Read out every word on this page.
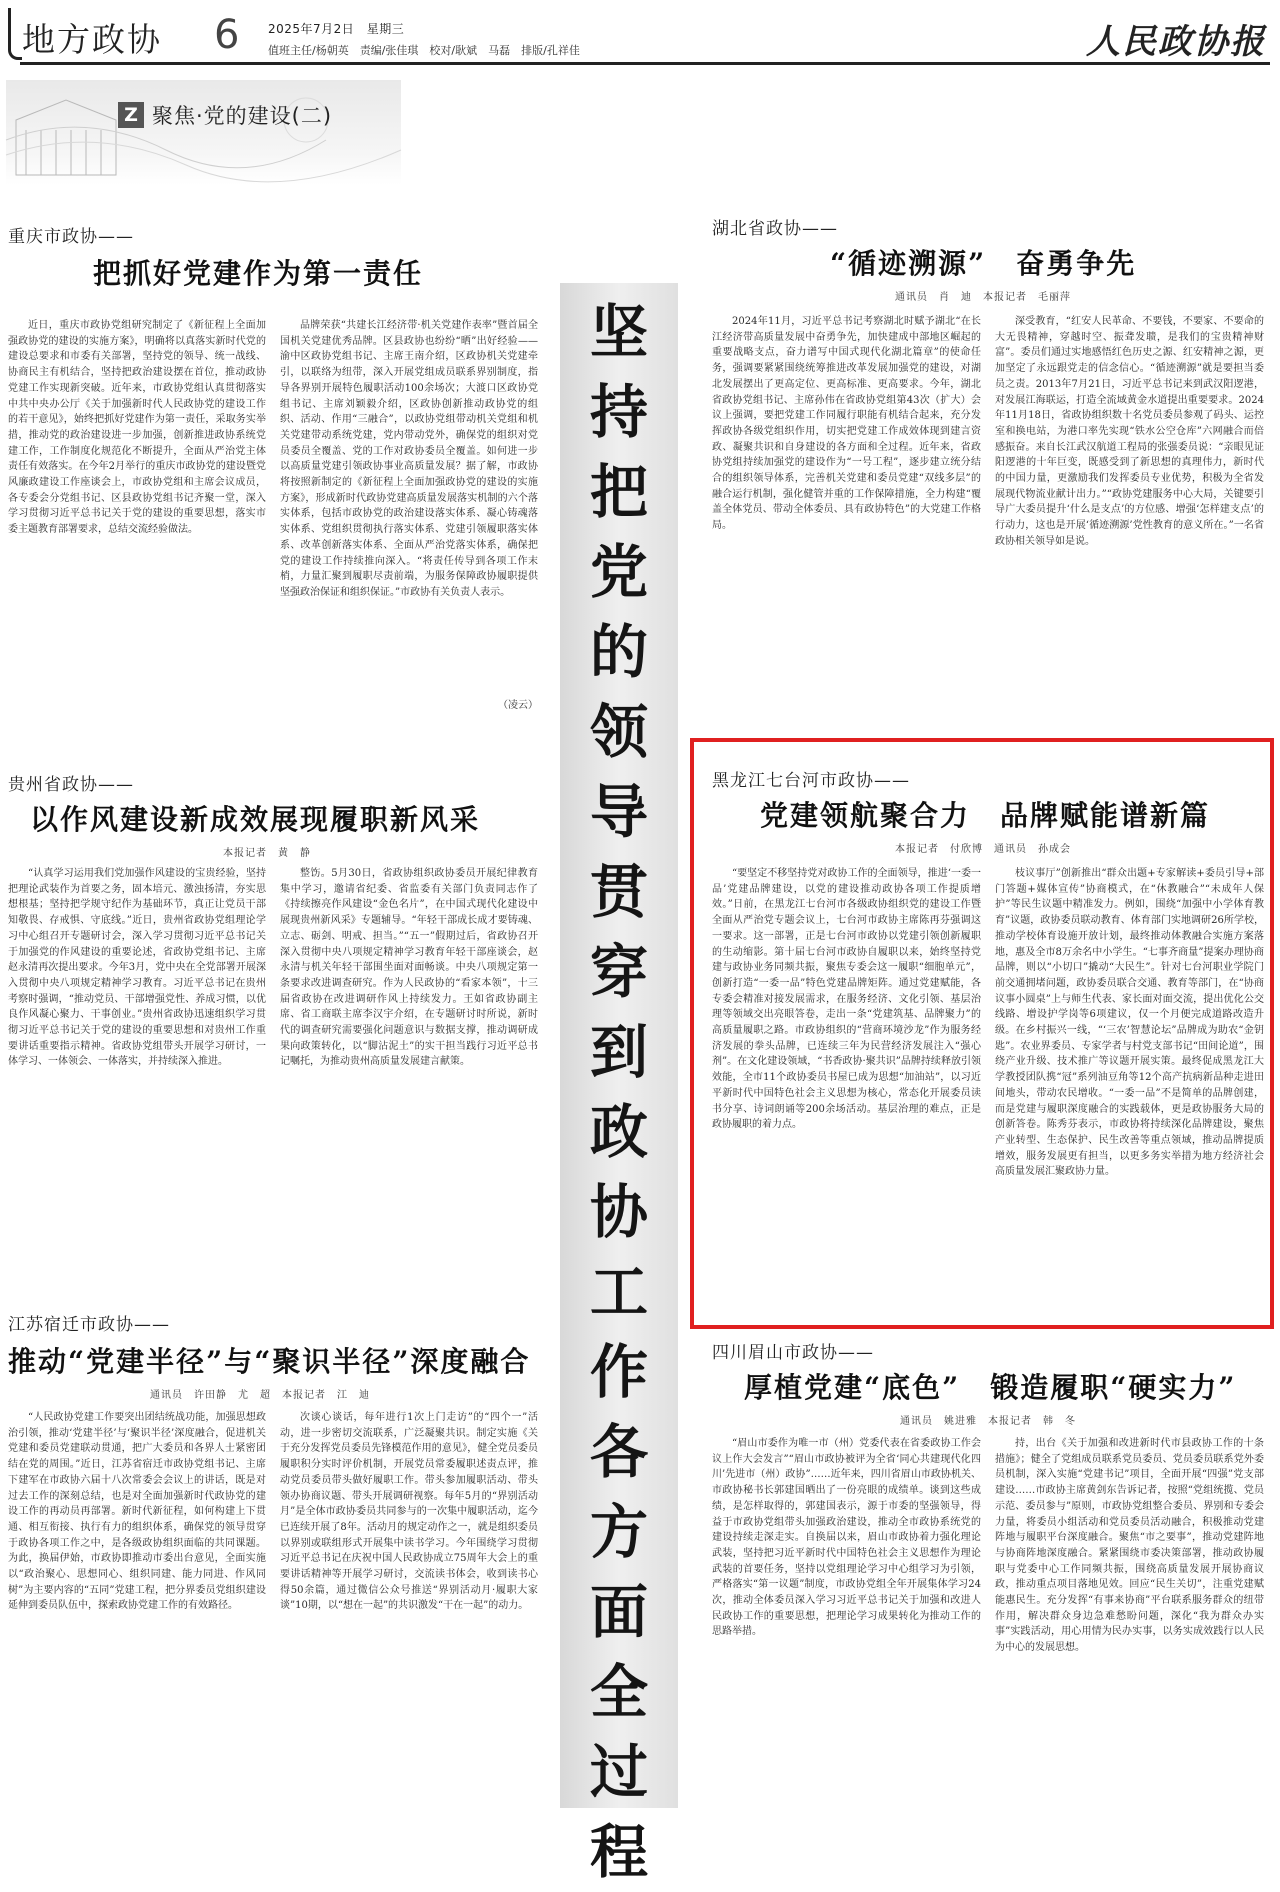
地方政协 6 2025年7月2日　星期三
值班主任/杨朝英　责编/张佳琪　校对/耿斌　马磊　排版/孔祥佳	人民政协报
Z 聚焦·党的建设(二)
坚
持
把
党
的
领
导
贯
穿
到
政
协
工
作
各
方
面
全
过
程
重庆市政协——
把抓好党建作为第一责任

近日，重庆市政协党组研究制定了《新征程上全面加强政协党的建设的实施方案》，明确将以真落实新时代党的建设总要求和市委有关部署，坚持党的领导、统一战线、协商民主有机结合，坚持把政治建设摆在首位，推动政协党建工作实现新突破。近年来，市政协党组认真贯彻落实中共中央办公厅《关于加强新时代人民政协党的建设工作的若干意见》，始终把抓好党建作为第一责任，采取务实举措，推动党的政治建设进一步加强，创新推进政协系统党建工作，工作制度化规范化不断提升，全面从严治党主体责任有效落实。在今年2月举行的重庆市政协党的建设暨党风廉政建设工作座谈会上，市政协党组和主席会议成员，各专委会分党组书记、区县政协党组书记齐聚一堂，深入学习贯彻习近平总书记关于党的建设的重要思想，落实市委主题教育部署要求，总结交流经验做法。

品牌荣获“共建长江经济带·机关党建作表率”暨首届全国机关党建优秀品牌。区县政协也纷纷“晒”出好经验——渝中区政协党组书记、主席王南介绍，区政协机关党建牵引，以联络为纽带，深入开展党组成员联系界别制度，指导各界别开展特色履职活动100余场次；大渡口区政协党组书记、主席刘颖毅介绍，区政协创新推动政协党的组织、活动、作用“三融合”，以政协党组带动机关党组和机关党建带动系统党建，党内带动党外，确保党的组织对党员委员全覆盖、党的工作对政协委员全覆盖。如何进一步以高质量党建引领政协事业高质量发展？据了解，市政协将按照新制定的《新征程上全面加强政协党的建设的实施方案》，形成新时代政协党建高质量发展落实机制的六个落实体系，包括市政协党的政治建设落实体系、凝心铸魂落实体系、党组织贯彻执行落实体系、党建引领履职落实体系、改革创新落实体系、全面从严治党落实体系，确保把党的建设工作持续推向深入。“将责任传导到各项工作末梢，力量汇聚到履职尽责前端，为服务保障政协履职提供坚强政治保证和组织保证。”市政协有关负责人表示。

（凌云）
贵州省政协——
以作风建设新成效展现履职新风采
本报记者　黄　静

“认真学习运用我们党加强作风建设的宝贵经验，坚持把理论武装作为首要之务，固本培元、激浊扬清，夯实思想根基；坚持把学规守纪作为基础环节，真正让党员干部知敬畏、存戒惧、守底线。”近日，贵州省政协党组理论学习中心组召开专题研讨会，深入学习贯彻习近平总书记关于加强党的作风建设的重要论述，省政协党组书记、主席赵永清再次提出要求。今年3月，党中央在全党部署开展深入贯彻中央八项规定精神学习教育。习近平总书记在贵州考察时强调，“推动党员、干部增强党性、养成习惯，以优良作风凝心聚力、干事创业。”贵州省政协迅速组织学习贯彻习近平总书记关于党的建设的重要思想和对贵州工作重要讲话重要指示精神。省政协党组带头开展学习研讨，一体学习、一体领会、一体落实，并持续深入推进。

整饬。5月30日，省政协组织政协委员开展纪律教育集中学习，邀请省纪委、省监委有关部门负责同志作了《持续擦亮作风建设“金色名片”，在中国式现代化建设中展现贵州新风采》专题辅导。“年轻干部成长成才要铸魂、立志、砺剑、明戒、担当。”“五一”假期过后，省政协召开深入贯彻中央八项规定精神学习教育年轻干部座谈会，赵永清与机关年轻干部围坐面对面畅谈。中央八项规定第一条要求改进调查研究。作为人民政协的“看家本领”，十三届省政协在改进调研作风上持续发力。王如省政协副主席、省工商联主席李汉宇介绍，在专题研讨时所说，新时代的调查研究需要强化问题意识与数据支撑，推动调研成果向政策转化，以“脚沾泥土”的实干担当践行习近平总书记嘱托，为推动贵州高质量发展建言献策。

江苏宿迁市政协——
推动“党建半径”与“聚识半径”深度融合
通讯员　许田静　尤　超　本报记者　江　迪

“人民政协党建工作要突出团结统战功能，加强思想政治引领，推动‘党建半径’与‘聚识半径’深度融合，促进机关党建和委员党建联动贯通，把广大委员和各界人士紧密团结在党的周围。”近日，江苏省宿迁市政协党组书记、主席下建军在市政协六届十八次常委会会议上的讲话，既是对过去工作的深刻总结，也是对全面加强新时代政协党的建设工作的再动员再部署。新时代新征程，如何构建上下贯通、相互衔接、执行有力的组织体系，确保党的领导贯穿于政协各项工作之中，是各级政协组织面临的共同课题。为此，换届伊始，市政协即推动市委出台意见，全面实施以“政治聚心、思想同心、组织同建、能力同进、作风同树”为主要内容的“五同”党建工程，把分界委员党组织建设延伸到委员队伍中，探索政协党建工作的有效路径。

次谈心谈话，每年进行1次上门走访”的“四个一”活动，进一步密切交流联系，广泛凝聚共识。制定实施《关于充分发挥党员委员先锋模范作用的意见》，健全党员委员履职积分实时评价机制，开展党员常委履职述责点评，推动党员委员带头做好履职工作。带头参加履职活动、带头领办协商议题、带头开展调研视察。每年5月的“界别活动月”是全体市政协委员共同参与的一次集中履职活动，迄今已连续开展了8年。活动月的规定动作之一，就是组织委员以界别或联组形式开展集中读书学习。今年围绕学习贯彻习近平总书记在庆祝中国人民政协成立75周年大会上的重要讲话精神等开展学习研讨，交流读书体会，收到读书心得50余篇，通过微信公众号推送“界别活动月·履职大家谈”10期，以“想在一起”的共识激发“干在一起”的动力。

湖北省政协——
“循迹溯源”　奋勇争先
通讯员　肖　迪　本报记者　毛丽萍

2024年11月，习近平总书记考察湖北时赋予湖北“在长江经济带高质量发展中奋勇争先，加快建成中部地区崛起的重要战略支点，奋力谱写中国式现代化湖北篇章”的使命任务，强调要紧紧围绕统筹推进改革发展加强党的建设，对湖北发展摆出了更高定位、更高标准、更高要求。今年，湖北省政协党组书记、主席孙伟在省政协党组第43次（扩大）会议上强调，要把党建工作同履行职能有机结合起来，充分发挥政协各级党组织作用，切实把党建工作成效体现到建言资政、凝聚共识和自身建设的各方面和全过程。近年来，省政协党组持续加强党的建设作为“一号工程”，逐步建立统分结合的组织领导体系，完善机关党建和委员党建“双线多层”的融合运行机制，强化健管并重的工作保障措施，全力构建“覆盖全体党员、带动全体委员、具有政协特色”的大党建工作格局。

深受教育，“红安人民革命、不要钱，不要家、不要命的大无畏精神，穿越时空、振聋发聩，是我们的宝贵精神财富”。委员们通过实地感悟红色历史之源、红安精神之源，更加坚定了永远跟党走的信念信心。“循迹溯源”就是要担当委员之责。2013年7月21日，习近平总书记来到武汉阳逻港，对发展江海联运，打造全流域黄金水道提出重要要求。2024年11月18日，省政协组织数十名党员委员参观了码头、运控室和换电站，为港口率先实现“铁水公空仓库”六网融合而倍感振奋。来自长江武汉航道工程局的张强委员说：“亲眼见证阳逻港的十年巨变，既感受到了新思想的真理伟力，新时代的中国力量，更激励我们发挥委员专业优势，积极为全省发展现代物流业献计出力。”“政协党建服务中心大局，关键要引导广大委员提升‘什么是支点’的方位感、增强‘怎样建支点’的行动力，这也是开展‘循迹溯源’党性教育的意义所在。”一名省政协相关领导如是说。

黑龙江七台河市政协——
党建领航聚合力　品牌赋能谱新篇
本报记者　付欣博　通讯员　孙成会

“要坚定不移坚持党对政协工作的全面领导，推进‘一委一品’党建品牌建设，以党的建设推动政协各项工作提质增效。”日前，在黑龙江七台河市各级政协组织党的建设工作暨全面从严治党专题会议上，七台河市政协主席陈再芬强调这一要求。这一部署，正是七台河市政协以党建引领创新履职的生动缩影。第十届七台河市政协自履职以来，始终坚持党建与政协业务同频共振，聚焦专委会这一履职“细胞单元”，创新打造“一委一品”特色党建品牌矩阵。通过党建赋能，各专委会精准对接发展需求，在服务经济、文化引领、基层治理等领域交出亮眼答卷，走出一条“党建筑基、品牌聚力”的高质量履职之路。市政协组织的“营商环境沙龙”作为服务经济发展的拳头品牌，已连续三年为民营经济发展注入“强心剂”。在文化建设领域，“书香政协·聚共识”品牌持续释放引领效能，全市11个政协委员书屋已成为思想“加油站”，以习近平新时代中国特色社会主义思想为核心，常态化开展委员读书分享、诗词朗诵等200余场活动。基层治理的难点，正是政协履职的着力点。

枝议事厅”创新推出“群众出题+专家解读+委员引导+部门答题+媒体宣传”协商模式，在“休教融合”“未成年人保护”等民生议题中精准发力。例如，围绕“加强中小学体育教育”议题，政协委员联动教育、体育部门实地调研26所学校，推动学校体育设施开放计划，最终推动体教融合实施方案落地，惠及全市8万余名中小学生。“七事齐商量”提案办理协商品牌，则以“小切口”撬动“大民生”。针对七台河职业学院门前交通拥堵问题，政协委员联合交通、教育等部门，在“协商议事小圆桌”上与师生代表、家长面对面交流，提出优化公交线路、增设护学岗等6项建议，仅一个月便完成道路改造升级。在乡村振兴一线，“‘三农’智慧论坛”品牌成为助农“金钥匙”。农业界委员、专家学者与村党支部书记“田间论道”，围绕产业升级、技术推广等议题开展实策。最终促成黑龙江大学教授团队携“冠”系列油豆角等12个高产抗病新品种走进田间地头，带动农民增收。“一委一品”不是简单的品牌创建，而是党建与履职深度融合的实践载体，更是政协服务大局的创新答卷。陈秀芬表示，市政协将持续深化品牌建设，聚焦产业转型、生态保护、民生改善等重点领域，推动品牌提质增效，服务发展更有担当，以更多务实举措为地方经济社会高质量发展汇聚政协力量。

四川眉山市政协——
厚植党建“底色”　锻造履职“硬实力”
通讯员　姚进雅　本报记者　韩　冬

“眉山市委作为唯一市（州）党委代表在省委政协工作会议上作大会发言”“眉山市政协被评为全省‘同心共建现代化四川’先进市（州）政协”……近年来，四川省眉山市政协机关、市政协秘书长郭建国晒出了一份亮眼的成绩单。谈到这些成绩，是怎样取得的，郭建国表示，源于市委的坚强领导，得益于市政协党组带头加强政治建设，推动全市政协系统党的建设持续走深走实。自换届以来，眉山市政协着力强化理论武装，坚持把习近平新时代中国特色社会主义思想作为理论武装的首要任务，坚持以党组理论学习中心组学习为引领，严格落实“第一议题”制度，市政协党组全年开展集体学习24次，推动全体委员深入学习习近平总书记关于加强和改进人民政协工作的重要思想，把理论学习成果转化为推动工作的思路举措。

持，出台《关于加强和改进新时代市县政协工作的十条措施》；健全了党组成员联系党员委员、党员委员联系党外委员机制，深入实施“党建书记”项目，全面开展“四强”党支部建设……市政协主席黄剑东告诉记者，按照“党组统揽、党员示范、委员参与”原则，市政协党组整合委员、界别和专委会力量，将委员小组活动和党员委员活动融合，积极推动党建阵地与履职平台深度融合。聚焦“市之要事”，推动党建阵地与协商阵地深度融合。紧紧围绕市委决策部署，推动政协履职与党委中心工作同频共振，围绕高质量发展开展协商议政，推动重点项目落地见效。回应“民生关切”，注重党建赋能惠民生。充分发挥“有事来协商”平台联系服务群众的纽带作用，解决群众身边急难愁盼问题，深化“我为群众办实事”实践活动，用心用情为民办实事，以务实成效践行以人民为中心的发展思想。
